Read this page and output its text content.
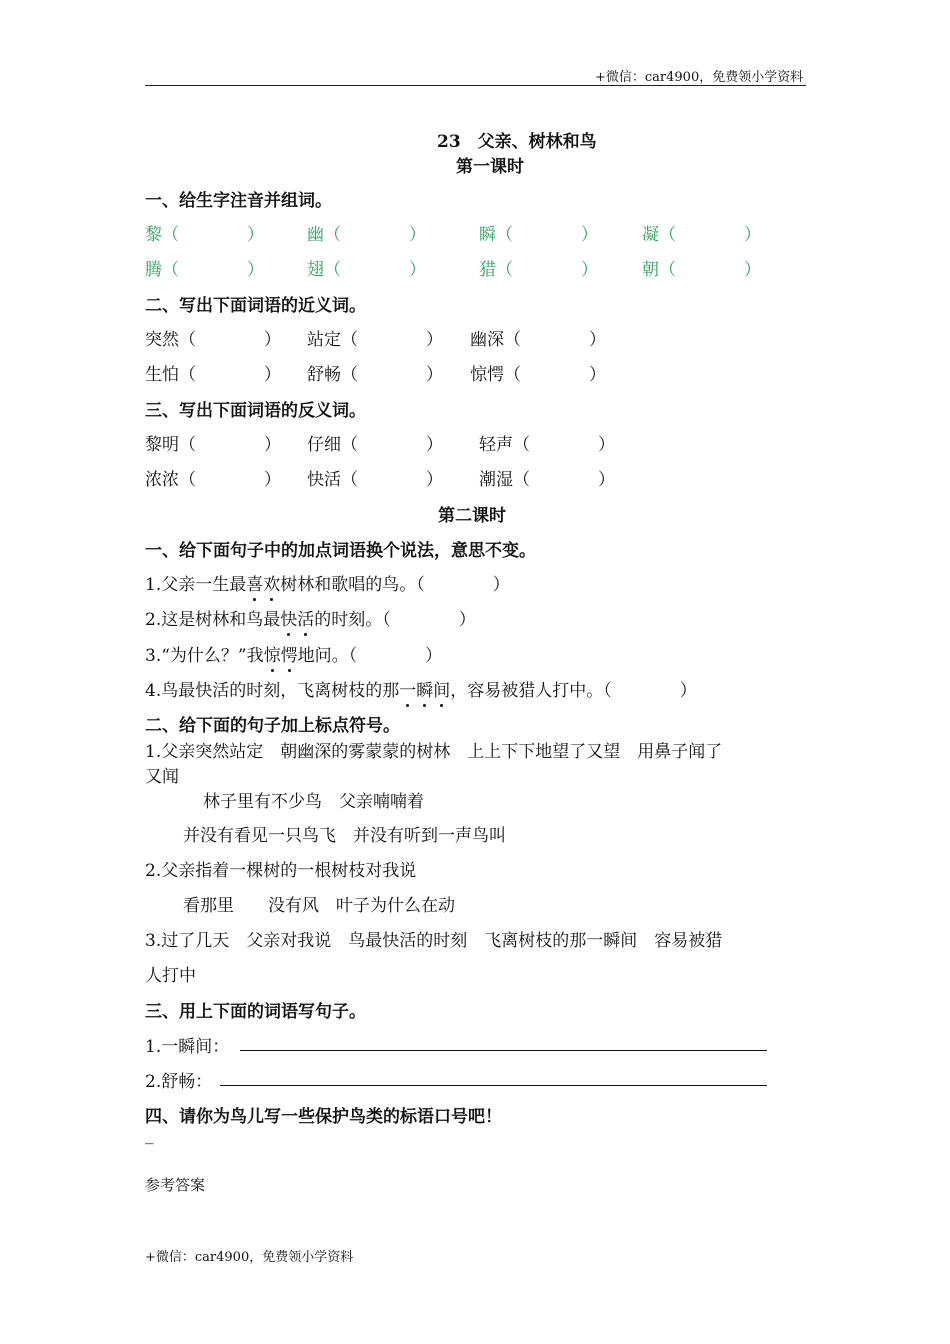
+微信：car4900，免费领小学资料
23　父亲、树林和鸟
第一课时
一、给生字注音并组词。
黎（　　　　）	幽（　　　　）	瞬（　　　　）	凝（　　　　）
腾（　　　　）	翅（　　　　）	猎（　　　　）	朝（　　　　）
二、写出下面词语的近义词。
突然（　　　　） 站定（　　　　） 幽深（　　　　）
生怕（　　　　） 舒畅（　　　　） 惊愕（　　　　）
三、写出下面词语的反义词。
黎明（　　　　） 仔细（　　　　） 轻声（　　　　）
浓浓（　　　　） 快活（　　　　） 潮湿（　　　　）
第二课时
一、给下面句子中的加点词语换个说法，意思不变。
1.父亲一生最喜欢树林和歌唱的鸟。（　　　　）
2.这是树林和鸟最快活的时刻。（　　　　）
3.“为什么？”我惊愕地问。（　　　　）
4.鸟最快活的时刻，飞离树枝的那一瞬间，容易被猎人打中。（　　　　）
二、给下面的句子加上标点符号。
1.父亲突然站定　朝幽深的雾蒙蒙的树林　上上下下地望了又望　用鼻子闻了
又闻
林子里有不少鸟　父亲喃喃着
并没有看见一只鸟飞　并没有听到一声鸟叫
2.父亲指着一棵树的一根树枝对我说
看那里　　没有风　叶子为什么在动
3.过了几天　父亲对我说　鸟最快活的时刻　飞离树枝的那一瞬间　容易被猎
人打中
三、用上下面的词语写句子。
1.一瞬间：
2.舒畅：
四、请你为鸟儿写一些保护鸟类的标语口号吧！
_
参考答案
+微信：car4900，免费领小学资料
